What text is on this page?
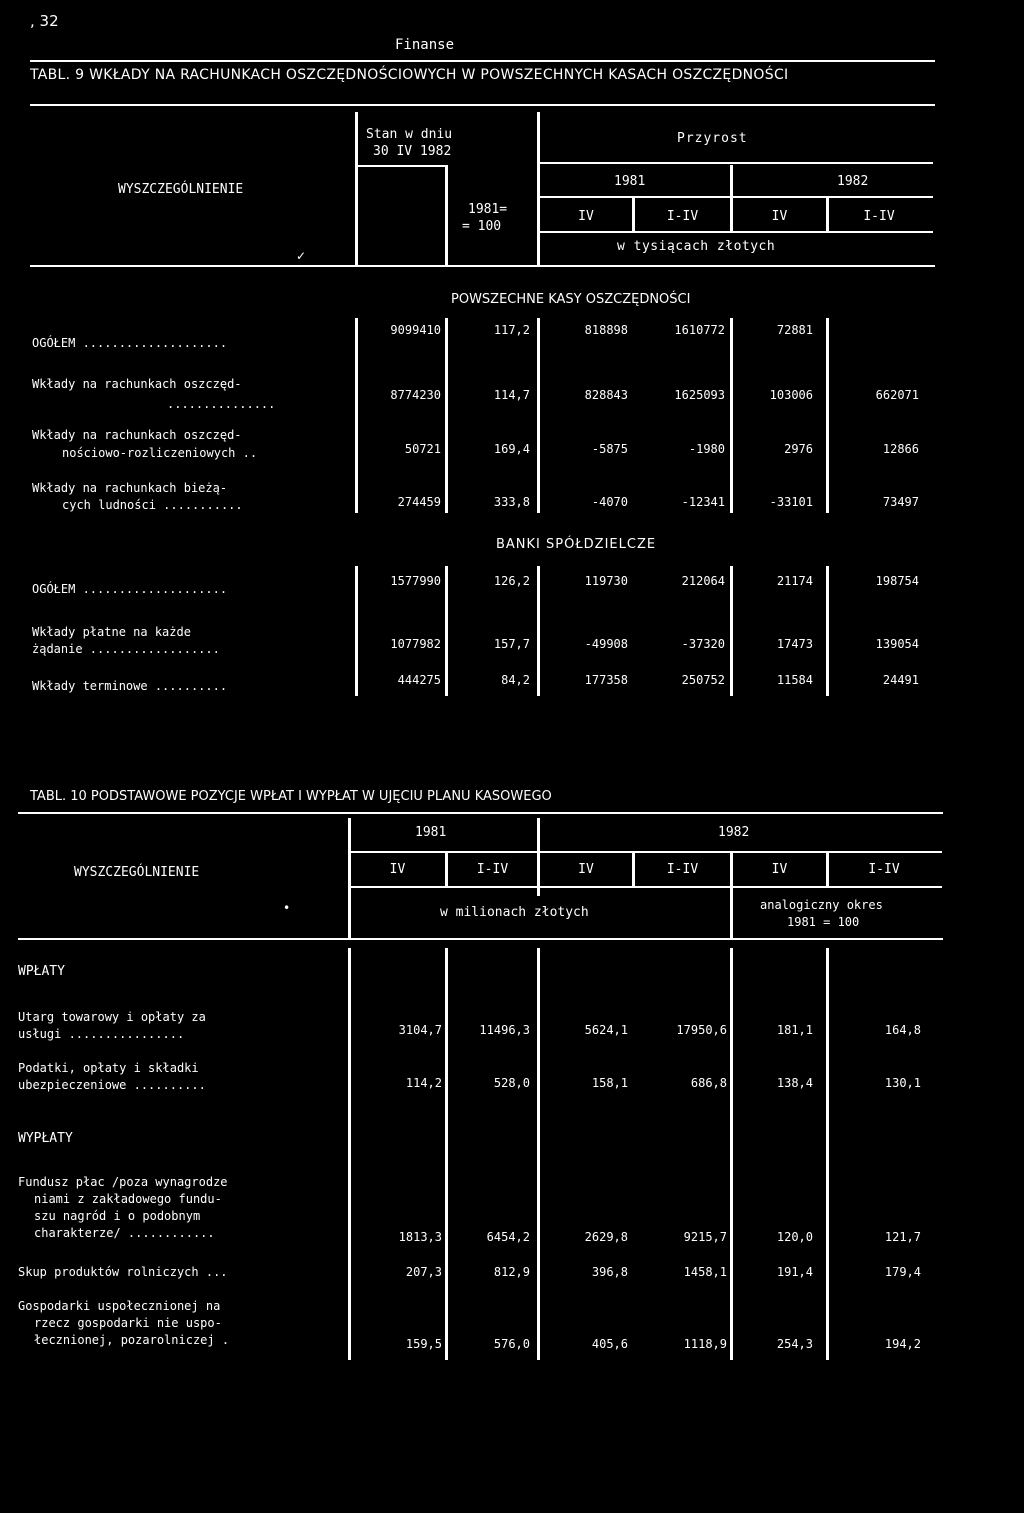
, 32
Finanse
TABL. 9 WKŁADY NA RACHUNKACH OSZCZĘDNOŚCIOWYCH W POWSZECHNYCH KASACH OSZCZĘDNOŚCI
WYSZCZEGÓLNIENIE
Stan w dniu
30 IV 1982
1981=
= 100
Przyrost
1981	1982
IV	I-IV	IV	I-IV
w tysiącach złotych
✓
POWSZECHNE KASY OSZCZĘDNOŚCI
OGÓŁEM ....................
9099410	117,2	818898	1610772	72881
Wkłady na rachunkach oszczęd-
...............
8774230	114,7	828843	1625093	103006	662071
Wkłady na rachunkach oszczęd-
nościowo-rozliczeniowych ..	50721	169,4	-5875	-1980	2976	12866
Wkłady na rachunkach bieżą-
cych ludności ...........	274459	333,8	-4070	-12341	-33101	73497
BANKI SPÓŁDZIELCZE
OGÓŁEM ....................
1577990	126,2	119730	212064	21174	198754
Wkłady płatne na każde
żądanie ..................	1077982	157,7	-49908	-37320	17473	139054
Wkłady terminowe ..........	444275	84,2	177358	250752	11584	24491
TABL. 10 PODSTAWOWE POZYCJE WPŁAT I WYPŁAT W UJĘCIU PLANU KASOWEGO
1981	1982
WYSZCZEGÓLNIENIE	IV	I-IV	IV	I-IV	IV	I-IV
•	w milionach złotych	analogiczny okres
1981 = 100
WPŁATY
Utarg towarowy i opłaty za
usługi ................	3104,7	11496,3	5624,1	17950,6	181,1	164,8
Podatki, opłaty i składki
ubezpieczeniowe ..........	114,2	528,0	158,1	686,8	138,4	130,1
WYPŁATY
Fundusz płac /poza wynagrodze
niami z zakładowego fundu-
szu nagród i o podobnym
charakterze/ ............	1813,3	6454,2	2629,8	9215,7	120,0	121,7
Skup produktów rolniczych ...	207,3	812,9	396,8	1458,1	191,4	179,4
Gospodarki uspołecznionej na
rzecz gospodarki nie uspo-
łecznionej, pozarolniczej .	159,5	576,0	405,6	1118,9	254,3	194,2
